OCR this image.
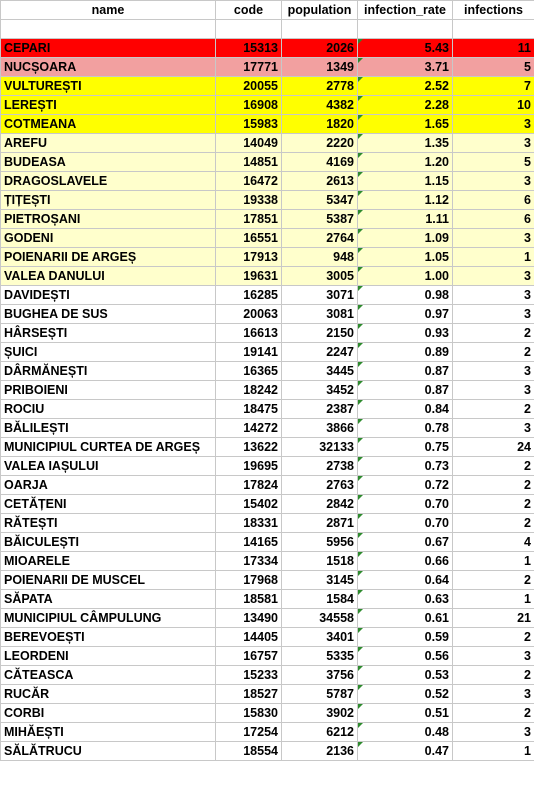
name	code	population	infection_rate	infections

CEPARI	15313	2026	5.43	11
NUCȘOARA	17771	1349	3.71	5
VULTUREȘTI	20055	2778	2.52	7
LEREȘTI	16908	4382	2.28	10
COTMEANA	15983	1820	1.65	3
AREFU	14049	2220	1.35	3
BUDEASA	14851	4169	1.20	5
DRAGOSLAVELE	16472	2613	1.15	3
ȚIȚEȘTI	19338	5347	1.12	6
PIETROȘANI	17851	5387	1.11	6
GODENI	16551	2764	1.09	3
POIENARII DE ARGEȘ	17913	948	1.05	1
VALEA DANULUI	19631	3005	1.00	3
DAVIDEȘTI	16285	3071	0.98	3
BUGHEA DE SUS	20063	3081	0.97	3
HÂRSEȘTI	16613	2150	0.93	2
ȘUICI	19141	2247	0.89	2
DÂRMĂNEȘTI	16365	3445	0.87	3
PRIBOIENI	18242	3452	0.87	3
ROCIU	18475	2387	0.84	2
BĂLILEȘTI	14272	3866	0.78	3
MUNICIPIUL CURTEA DE ARGEȘ	13622	32133	0.75	24
VALEA IAȘULUI	19695	2738	0.73	2
OARJA	17824	2763	0.72	2
CETĂȚENI	15402	2842	0.70	2
RĂTEȘTI	18331	2871	0.70	2
BĂICULEȘTI	14165	5956	0.67	4
MIOARELE	17334	1518	0.66	1
POIENARII DE MUSCEL	17968	3145	0.64	2
SĂPATA	18581	1584	0.63	1
MUNICIPIUL CÂMPULUNG	13490	34558	0.61	21
BEREVOEȘTI	14405	3401	0.59	2
LEORDENI	16757	5335	0.56	3
CĂTEASCA	15233	3756	0.53	2
RUCĂR	18527	5787	0.52	3
CORBI	15830	3902	0.51	2
MIHĂEȘTI	17254	6212	0.48	3
SĂLĂTRUCU	18554	2136	0.47	1
